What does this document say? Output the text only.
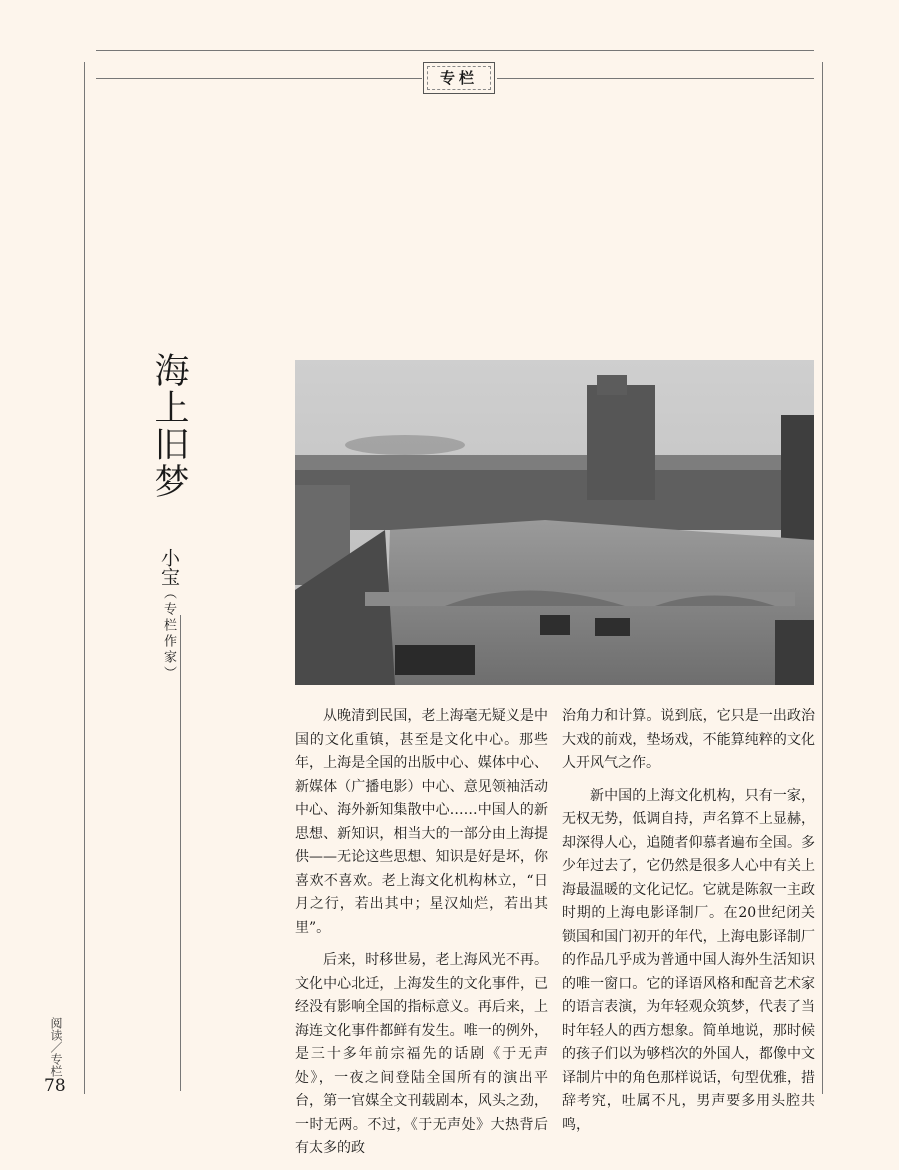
专栏
海上旧梦
小宝
（专栏作家）

从晚清到民国，老上海毫无疑义是中国的文化重镇，甚至是文化中心。那些年，上海是全国的出版中心、媒体中心、新媒体（广播电影）中心、意见领袖活动中心、海外新知集散中心……中国人的新思想、新知识，相当大的一部分由上海提供——无论这些思想、知识是好是坏，你喜欢不喜欢。老上海文化机构林立，“日月之行，若出其中；星汉灿烂，若出其里”。

后来，时移世易，老上海风光不再。文化中心北迁，上海发生的文化事件，已经没有影响全国的指标意义。再后来，上海连文化事件都鲜有发生。唯一的例外，是三十多年前宗福先的话剧《于无声处》，一夜之间登陆全国所有的演出平台，第一官媒全文刊载剧本，风头之劲，一时无两。不过，《于无声处》大热背后有太多的政

治角力和计算。说到底，它只是一出政治大戏的前戏，垫场戏，不能算纯粹的文化人开风气之作。

新中国的上海文化机构，只有一家，无权无势，低调自持，声名算不上显赫，却深得人心，追随者仰慕者遍布全国。多少年过去了，它仍然是很多人心中有关上海最温暖的文化记忆。它就是陈叙一主政时期的上海电影译制厂。在20世纪闭关锁国和国门初开的年代，上海电影译制厂的作品几乎成为普通中国人海外生活知识的唯一窗口。它的译语风格和配音艺术家的语言表演，为年轻观众筑梦，代表了当时年轻人的西方想象。简单地说，那时候的孩子们以为够档次的外国人，都像中文译制片中的角色那样说话，句型优雅，措辞考究，吐属不凡，男声要多用头腔共鸣，

阅读／专栏
78
